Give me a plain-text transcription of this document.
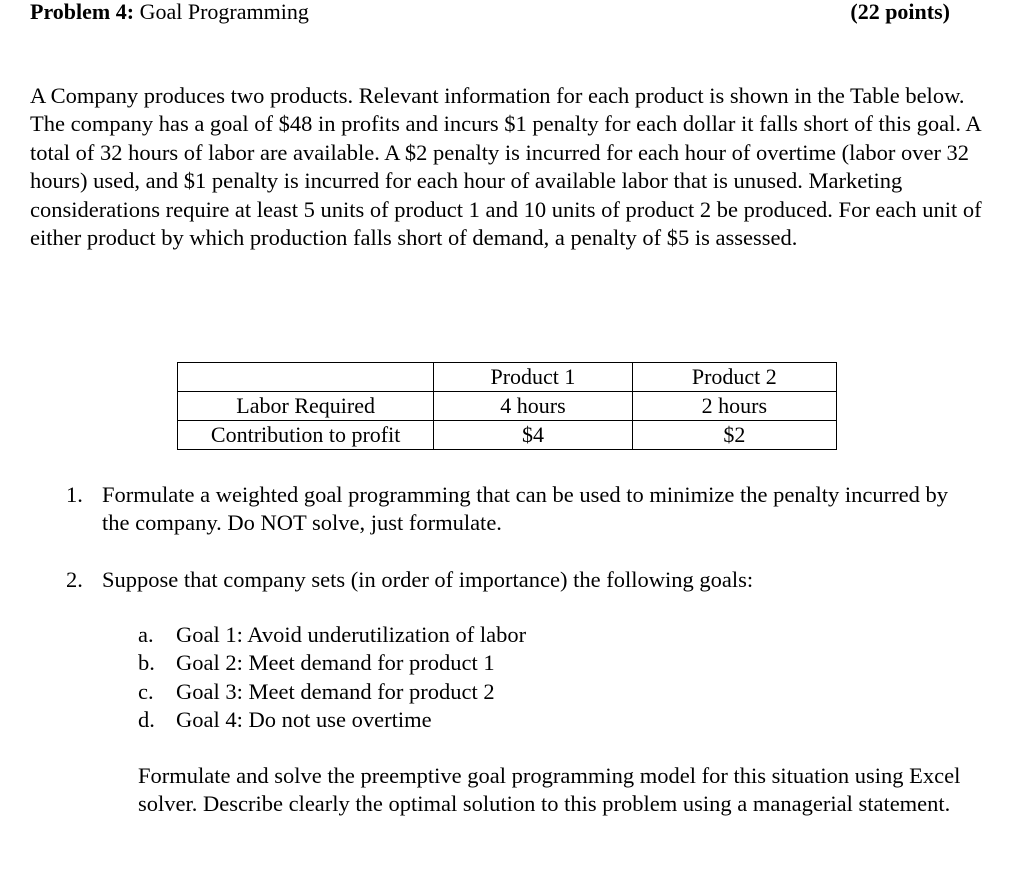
Problem 4: Goal Programming	(22 points)

A Company produces two products. Relevant information for each product is shown in the Table below. The company has a goal of $48 in profits and incurs $1 penalty for each dollar it falls short of this goal. A total of 32 hours of labor are available. A $2 penalty is incurred for each hour of overtime (labor over 32 hours) used, and $1 penalty is incurred for each hour of available labor that is unused. Marketing considerations require at least 5 units of product 1 and 10 units of product 2 be produced. For each unit of either product by which production falls short of demand, a penalty of $5 is assessed.

	Product 1	Product 2
Labor Required	4 hours	2 hours
Contribution to profit	$4	$2
1. Formulate a weighted goal programming that can be used to minimize the penalty incurred by the company. Do NOT solve, just formulate.
2. Suppose that company sets (in order of importance) the following goals:
a. Goal 1: Avoid underutilization of labor
b. Goal 2: Meet demand for product 1
c. Goal 3: Meet demand for product 2
d. Goal 4: Do not use overtime
Formulate and solve the preemptive goal programming model for this situation using Excel solver. Describe clearly the optimal solution to this problem using a managerial statement.
